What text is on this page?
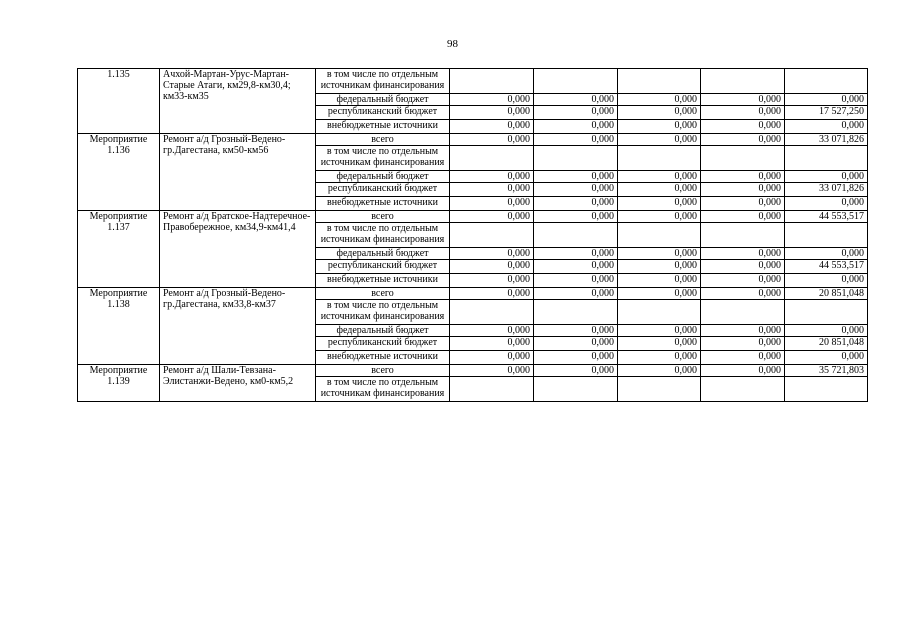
98
1.135	Ачхой-Мартан-Урус-Мартан-Старые Атаги, км29,8-км30,4; км33-км35	в том числе по отдельным источникам финансирования					
		федеральный бюджет	0,000	0,000	0,000	0,000	0,000
		республиканский бюджет	0,000	0,000	0,000	0,000	17 527,250
		внебюджетные источники	0,000	0,000	0,000	0,000	0,000
Мероприятие 1.136	Ремонт а/д Грозный-Ведено-гр.Дагестана, км50-км56	всего	0,000	0,000	0,000	0,000	33 071,826
		в том числе по отдельным источникам финансирования					
		федеральный бюджет	0,000	0,000	0,000	0,000	0,000
		республиканский бюджет	0,000	0,000	0,000	0,000	33 071,826
		внебюджетные источники	0,000	0,000	0,000	0,000	0,000
Мероприятие 1.137	Ремонт а/д Братское-Надтеречное-Правобережное, км34,9-км41,4	всего	0,000	0,000	0,000	0,000	44 553,517
		в том числе по отдельным источникам финансирования					
		федеральный бюджет	0,000	0,000	0,000	0,000	0,000
		республиканский бюджет	0,000	0,000	0,000	0,000	44 553,517
		внебюджетные источники	0,000	0,000	0,000	0,000	0,000
Мероприятие 1.138	Ремонт а/д Грозный-Ведено-гр.Дагестана, км33,8-км37	всего	0,000	0,000	0,000	0,000	20 851,048
		в том числе по отдельным источникам финансирования					
		федеральный бюджет	0,000	0,000	0,000	0,000	0,000
		республиканский бюджет	0,000	0,000	0,000	0,000	20 851,048
		внебюджетные источники	0,000	0,000	0,000	0,000	0,000
Мероприятие 1.139	Ремонт а/д Шали-Тевзана-Элистанжи-Ведено, км0-км5,2	всего	0,000	0,000	0,000	0,000	35 721,803
		в том числе по отдельным источникам финансирования					
